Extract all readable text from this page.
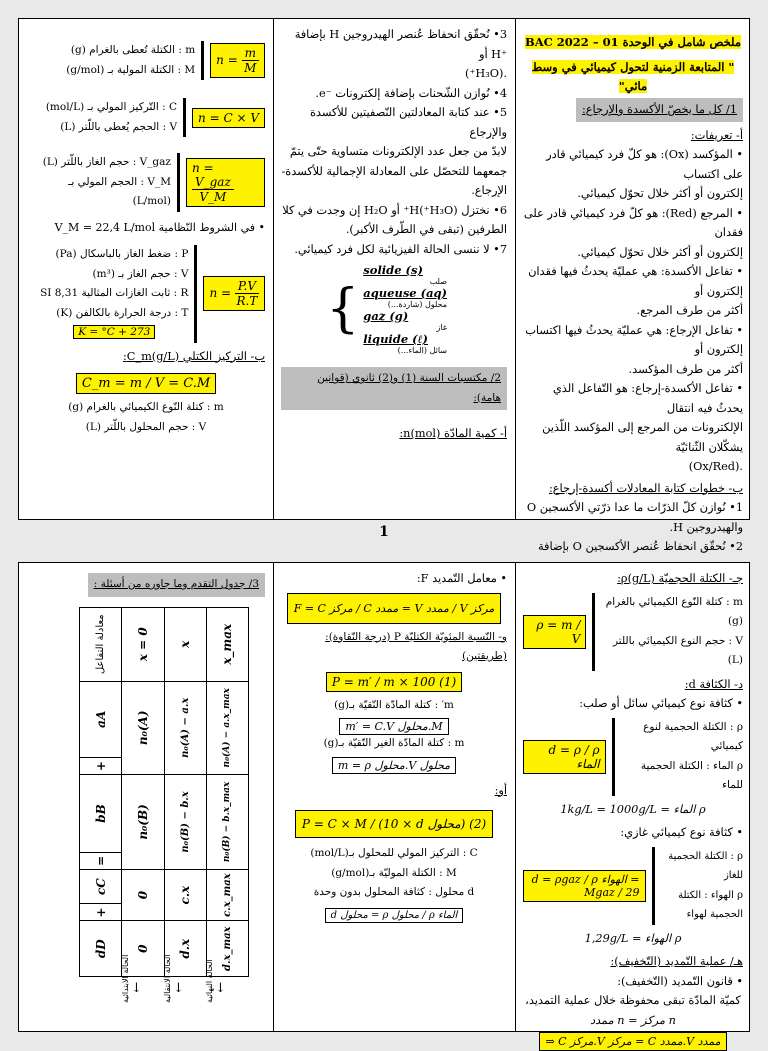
ملخص شامل في الوحدة 01 – BAC 2022
" المتابعة الزمنية لتحول كيميائي في وسط مائي"
1/ كل ما يخصّ الأكسدة والإرجاع:
أ- تعريفات:
• المؤكسد (Ox): هو كلّ فرد كيميائي قادر على اكتساب
إلكترون أو أكثر خلال تحوّل كيميائي.
• المرجع (Red): هو كلّ فرد كيميائي قادر على فقدان
إلكترون أو أكثر خلال تحوّل كيميائي.
• تفاعل الأكسدة: هي عمليّة يحدثُ فيها فقدان إلكترون أو
أكثر من طرف المرجع.
• تفاعل الإرجاع: هي عمليّة يحدثُ فيها اكتساب إلكترون أو
أكثر من طرف المؤكسد.
• تفاعل الأكسدة-إرجاع: هو التّفاعل الذي يحدثُ فيه انتقال
الإلكترونات من المرجع إلى المؤكسد اللّذين يشكّلان الثّنائيّة
.(Ox/Red)
ب- خطوات كتابة المعادلات أكسدة-إرجاع:
1• نُوازن كلّ الذرّات ما عدا ذرّتي الأكسجين O
والهيدروجين H.
2• نُحقّق انحفاظ عُنصر الأكسجين O بإضافة
3• نُحقّق انحفاظ عُنصر الهيدروجين H بإضافة ⁺H أو
.(H₃O⁺)
4• نُوازن الشّحنات بإضافة إلكترونات ⁻e.
5• عند كتابة المعادلتين النّصفيتين للأكسدة والإرجاع
لابدّ من جعل عدد الإلكترونات متساوية حتّى يتمّ
جمعهما للتحصّل على المعادلة الإجمالية للأكسدة-
الإرجاع.
6• نختزل (H₃O⁺)H⁺ أو H₂O إن وجدت في كلا
الطرفين (تبقى في الطّرف الأكبر).
7• لا ننسى الحالة الفيزيائية لكل فرد كيميائي.
{
solide (s)
صلب
aqueuse (aq)
محلول (شاردة...)
gaz (g)
غاز
liquide (ℓ)
سائل (الماء...)
2/ مكتسبات السنة (1) و(2) ثانوي (قوانين هامة):
أ- كمية المادّة n(mol):
m : الكتلة تُعطى بالغرام (g)
M : الكتلة المولية بـ (g/mol)
$n = \frac{m}{M}$
C : التّركيز المولي بـ (mol/L)
V : الحجم يُعطى باللّتر (L)
n = C × V
V_gaz : حجم الغاز باللّتر (L)
V_M : الحجم المولي بـ (L/mol)
n =
$\frac{\text{V\_gaz}}{V\_M}$
• في الشروط النّظامية V_M = 22,4 L/mol
P : ضغط الغاز بالباسكال (Pa)
V : حجم الغاز بـ (m³)
R : ثابت الغازات المثالية 8,31 SI
T : درجة الحرارة بالكالفن (K)
K = °C + 273
$n = \frac{P.V}{R.T}$
ب- التركيز الكتلي C_m(g/L):
C_m = m / V = C.M
m : كتلة النّوع الكيميائي بالغرام (g)
V : حجم المحلول باللّتر (L)
1
جـ- الكتلة الحجميّة ρ(g/L):
ρ = m / V
m : كتلة النّوع الكيميائي بالغرام (g)
V : حجم النوع الكيميائي باللتر (L)
د- الكثافة d:
• كثافة نوع كيميائي سائل أو صلب:
d = ρ / ρ الماء
ρ : الكتلة الحجمية لنوع كيميائي
ρ الماء : الكتلة الحجمية للماء
ρ الماء = 1kg/L = 1000g/L
• كثافة نوع كيميائي غازي:
d = ρgaz / ρ الهواء = Mgaz / 29
ρ : الكتلة الحجمية للغاز
ρ الهواء : الكتلة الحجمية لهواء
ρ الهواء = 1,29g/L
هـ/ عملية التّمديد (التّخفيف):
• قانون التّمديد (التّخفيف):
كميّة المادّة تبقى محفوظة خلال عملية التمديد،
n مركز = n ممدد
⇒ C مركز.V مركز = C ممدد.V ممدد
• معامل التّمديد F:
F = C مركز / C ممدد = V ممدد / V مركز
و- النّسبة المئويّة الكتليّة P (درجة النّقاوة): (طريقتين)
P = m′ / m × 100 (1)
m′ : كتلة المادّة النّقيّة بـ(g)
m′ = C.V محلول.M
m : كتلة المادّة الغير النّقيّة بـ(g)
m = ρ محلول.V محلول
أو:
P = C × M / (10 × d محلول) (2)
C : التركيز المولي للمحلول بـ(mol/L)
M : الكتلة الموليّة بـ(g/mol)
d محلول : كثافة المحلول بدون وحدة
d محلول = ρ محلول / ρ الماء
3/ جدول التقدم وما جاوره من أسئلة :
dD	+	cC	=	bB	+	aA	معادلة التفاعل
0	0		n₀(B)		n₀(A)		x = 0
d.x	c.x		n₀(B) − b.x		n₀(A) − a.x		x
d.x_max	c.x_max		n₀(B) − b.x_max		n₀(A) − a.x_max		x_max
↓ ↓ ↓
الحالة الابتدائية	الحالة الانتقالية	الحالة النهائية
